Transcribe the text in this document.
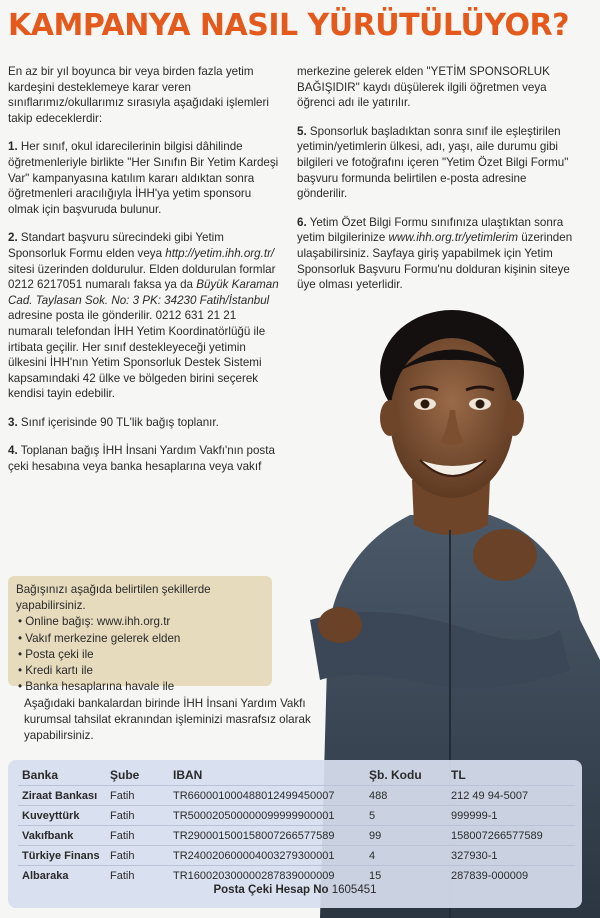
KAMPANYA NASIL YÜRÜTÜLÜYOR?

En az bir yıl boyunca bir veya birden fazla yetim kardeşini desteklemeye karar veren sınıflarımız/okullarımız sırasıyla aşağıdaki işlemleri takip edeceklerdir:

1. Her sınıf, okul idarecilerinin bilgisi dâhilinde öğretmenleriyle birlikte "Her Sınıfın Bir Yetim Kardeşi Var" kampanyasına katılım kararı aldıktan sonra öğretmenleri aracılığıyla İHH'ya yetim sponsoru olmak için başvuruda bulunur.

2. Standart başvuru sürecindeki gibi Yetim Sponsorluk Formu elden veya http://yetim.ihh.org.tr/ sitesi üzerinden doldurulur. Elden doldurulan formlar 0212 6217051 numaralı faksa ya da Büyük Karaman Cad. Taylasan Sok. No: 3 PK: 34230 Fatih/İstanbul adresine posta ile gönderilir. 0212 631 21 21 numaralı telefondan İHH Yetim Koordinatörlüğü ile irtibata geçilir. Her sınıf destekleyeceği yetimin ülkesini İHH'nın Yetim Sponsorluk Destek Sistemi kapsamındaki 42 ülke ve bölgeden birini seçerek kendisi tayin edebilir.

3. Sınıf içerisinde 90 TL'lik bağış toplanır.

4. Toplanan bağış İHH İnsani Yardım Vakfı'nın posta çeki hesabına veya banka hesaplarına veya vakıf

merkezine gelerek elden "YETİM SPONSORLUK BAĞIŞIDIR" kaydı düşülerek ilgili öğretmen veya öğrenci adı ile yatırılır.

5. Sponsorluk başladıktan sonra sınıf ile eşleştirilen yetimin/yetimlerin ülkesi, adı, yaşı, aile durumu gibi bilgileri ve fotoğrafını içeren "Yetim Özet Bilgi Formu" başvuru formunda belirtilen e-posta adresine gönderilir.

6. Yetim Özet Bilgi Formu sınıfınıza ulaştıktan sonra yetim bilgilerinize www.ihh.org.tr/yetimlerim üzerinden ulaşabilirsiniz. Sayfaya giriş yapabilmek için Yetim Sponsorluk Başvuru Formu'nu dolduran kişinin siteye üye olması yeterlidir.

Bağışınızı aşağıda belirtilen şekillerde yapabilirsiniz.
• Online bağış: www.ihh.org.tr
• Vakıf merkezine gelerek elden
• Posta çeki ile
• Kredi kartı ile
• Banka hesaplarına havale ile
Aşağıdaki bankalardan birinde İHH İnsani Yardım Vakfı kurumsal tahsilat ekranından işleminizi masrafsız olarak yapabilirsiniz.
Banka	Şube	IBAN	Şb. Kodu	TL
Ziraat Bankası	Fatih	TR660001000488012499450007	488	212 49 94-5007
Kuveyttürk	Fatih	TR500020500000099999900001	5	999999-1
Vakıfbank	Fatih	TR290001500158007266577589	99	158007266577589
Türkiye Finans	Fatih	TR240020600004003279300001	4	327930-1
Albaraka	Fatih	TR160020300000287839000009	15	287839-000009
Posta Çeki Hesap No 1605451
